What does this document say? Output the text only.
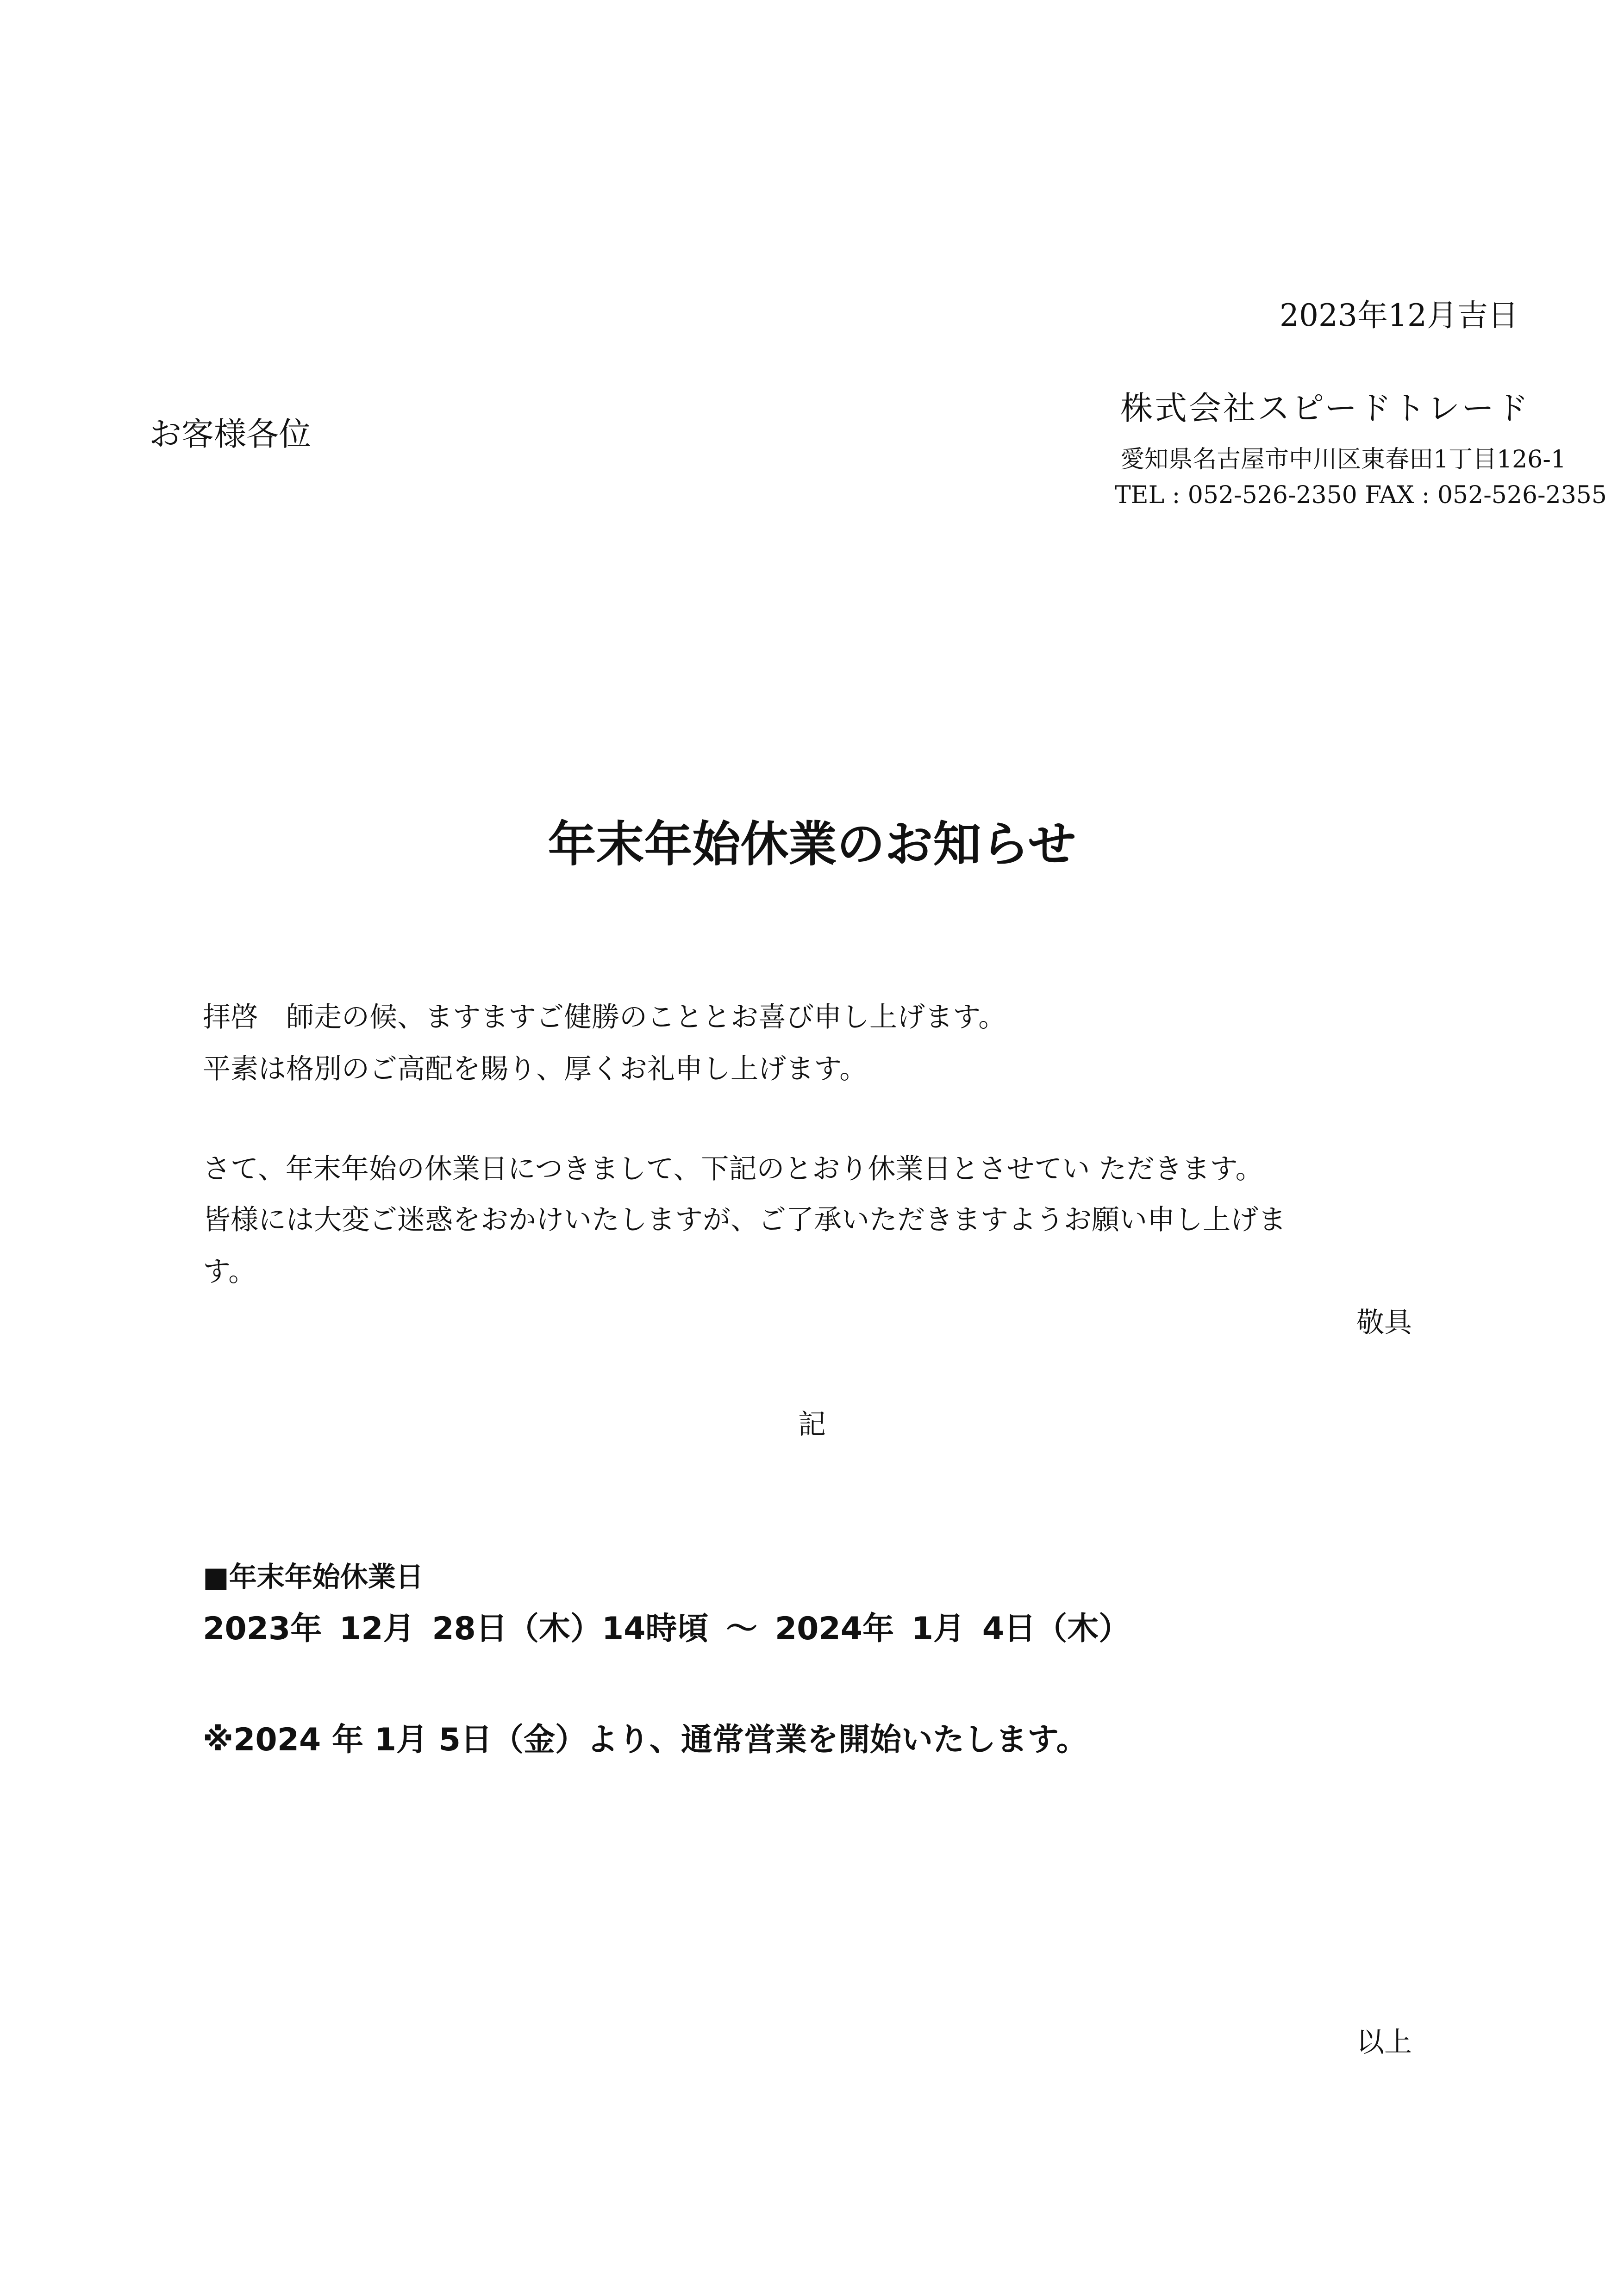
2023年12月吉日
お客様各位
株式会社スピードトレード
愛知県名古屋市中川区東春田1丁目126-1
TEL : 052-526-2350 FAX : 052-526-2355
年末年始休業のお知らせ
拝啓　師走の候、ますますご健勝のこととお喜び申し上げます。
平素は格別のご高配を賜り、厚くお礼申し上げます。
さて、年末年始の休業日につきまして、下記のとおり休業日とさせてい ただきます。
皆様には大変ご迷惑をおかけいたしますが、ご了承いただきますようお願い申し上げま
す。
敬具
記
■年末年始休業日
2023年 12月 28日（木）14時頃 〜 2024年 1月 4日（木）
※2024 年 1月 5日（金）より、通常営業を開始いたします。
以上
